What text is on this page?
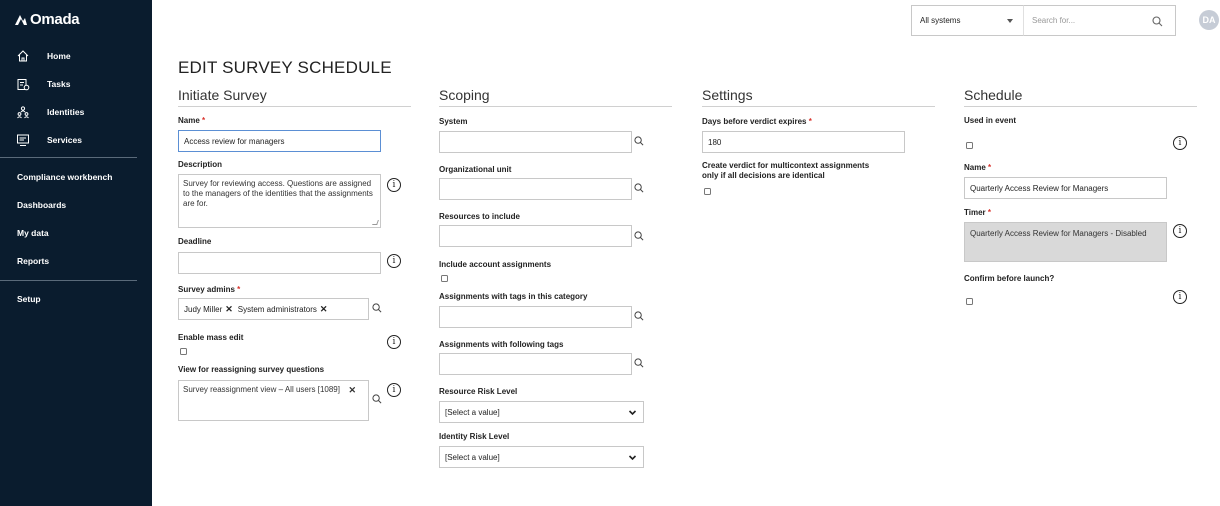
Omada
Home
Tasks
Identities
Services
Compliance workbench
Dashboards
My data
Reports
Setup
All systems
Search for...	DA
EDIT SURVEY SCHEDULE
Initiate Survey
Name *
Access review for managers
Description
Survey for reviewing access. Questions are assigned to the managers of the identities that the assignments are for.
i
Deadline
i
Survey admins *
Judy Miller ✕ System administrators ✕
Enable mass edit	i
View for reassigning survey questions
Survey reassignment view – All users [1089] ✕	i
Scoping
System
Organizational unit
Resources to include
Include account assignments
Assignments with tags in this category
Assignments with following tags
Resource Risk Level
[Select a value]
Identity Risk Level
[Select a value]
Settings
Days before verdict expires *
180
Create verdict for multicontext assignments
only if all decisions are identical
Schedule
Used in event
i
Name *
Quarterly Access Review for Managers
Timer *
Quarterly Access Review for Managers - Disabled	i
Confirm before launch?
i
